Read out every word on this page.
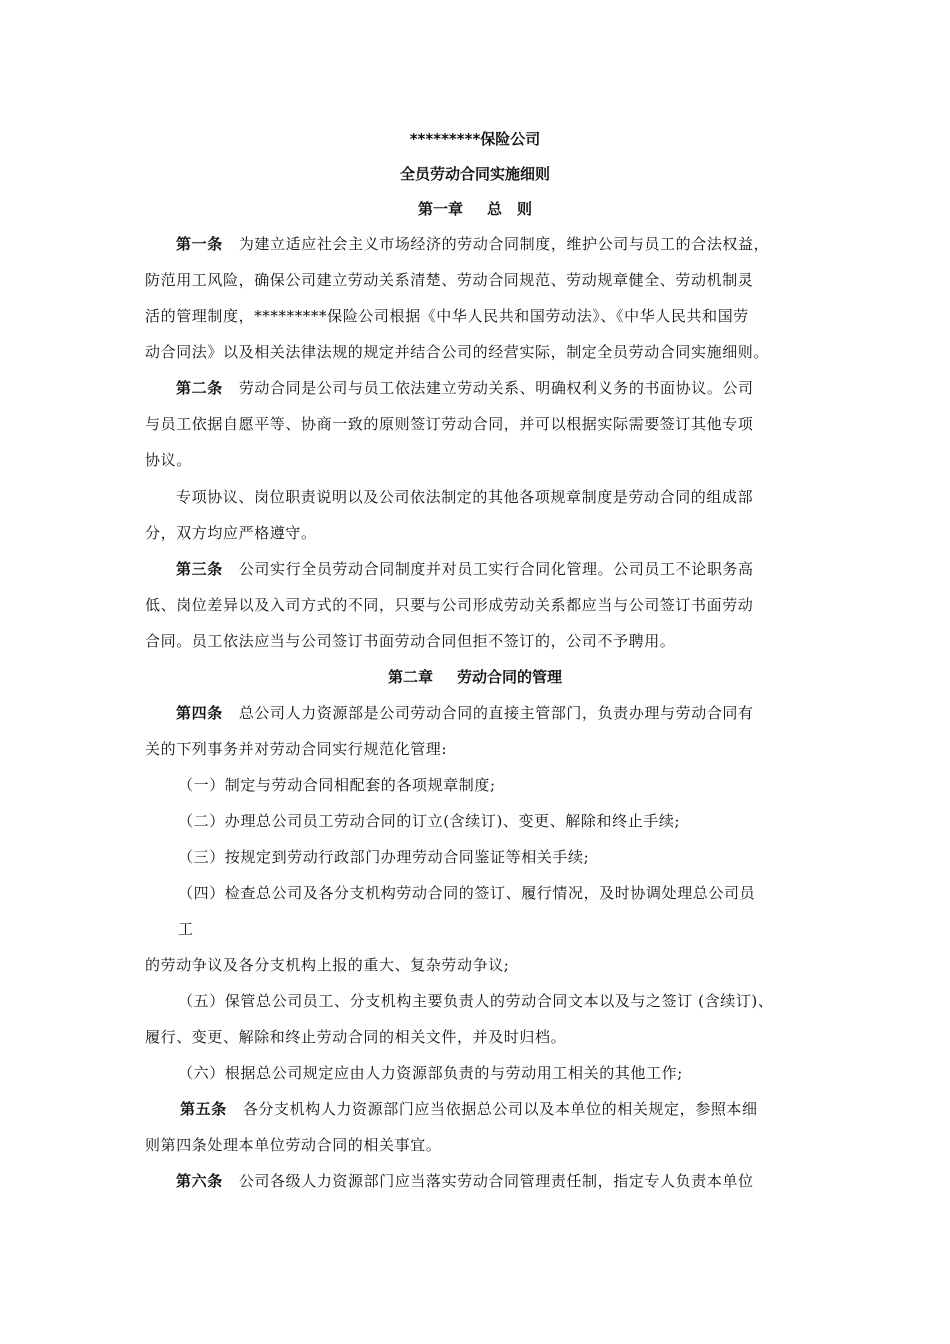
*********保险公司
全员劳动合同实施细则
第一章 总　则
第一条 为建立适应社会主义市场经济的劳动合同制度，维护公司与员工的合法权益，
防范用工风险，确保公司建立劳动关系清楚、劳动合同规范、劳动规章健全、劳动机制灵
活的管理制度，*********保险公司根据《中华人民共和国劳动法》、《中华人民共和国劳
动合同法》以及相关法律法规的规定并结合公司的经营实际，制定全员劳动合同实施细则。
第二条 劳动合同是公司与员工依法建立劳动关系、明确权利义务的书面协议。公司
与员工依据自愿平等、协商一致的原则签订劳动合同，并可以根据实际需要签订其他专项
协议。
专项协议、岗位职责说明以及公司依法制定的其他各项规章制度是劳动合同的组成部
分，双方均应严格遵守。
第三条 公司实行全员劳动合同制度并对员工实行合同化管理。公司员工不论职务高
低、岗位差异以及入司方式的不同，只要与公司形成劳动关系都应当与公司签订书面劳动
合同。员工依法应当与公司签订书面劳动合同但拒不签订的，公司不予聘用。
第二章 劳动合同的管理
第四条 总公司人力资源部是公司劳动合同的直接主管部门，负责办理与劳动合同有
关的下列事务并对劳动合同实行规范化管理:
（一）制定与劳动合同相配套的各项规章制度;
（二）办理总公司员工劳动合同的订立(含续订)、变更、解除和终止手续;
（三）按规定到劳动行政部门办理劳动合同鉴证等相关手续;
（四）检查总公司及各分支机构劳动合同的签订、履行情况，及时协调处理总公司员
工
的劳动争议及各分支机构上报的重大、复杂劳动争议;
（五）保管总公司员工、分支机构主要负责人的劳动合同文本以及与之签订 (含续订)、
履行、变更、解除和终止劳动合同的相关文件，并及时归档。
（六）根据总公司规定应由人力资源部负责的与劳动用工相关的其他工作;
第五条 各分支机构人力资源部门应当依据总公司以及本单位的相关规定，参照本细
则第四条处理本单位劳动合同的相关事宜。
第六条 公司各级人力资源部门应当落实劳动合同管理责任制，指定专人负责本单位
